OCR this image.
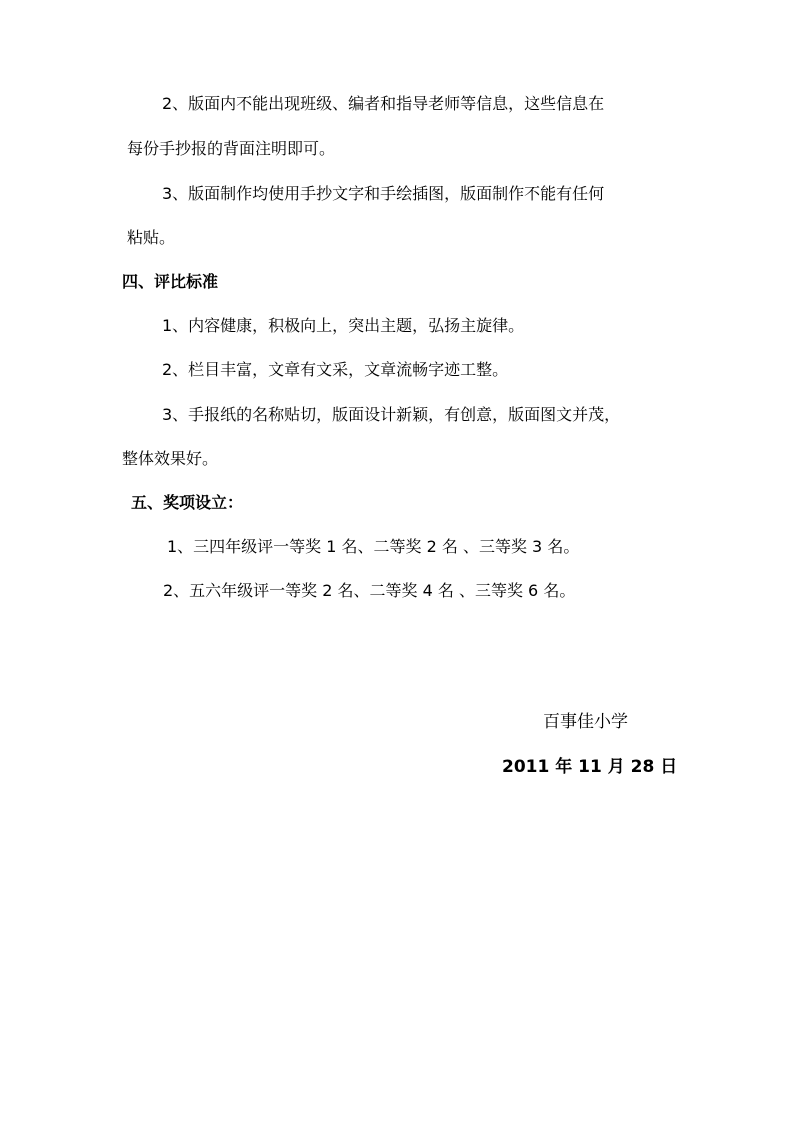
2、版面内不能出现班级、编者和指导老师等信息，这些信息在
每份手抄报的背面注明即可。
3、版面制作均使用手抄文字和手绘插图，版面制作不能有任何
粘贴。
四、评比标准
1、内容健康，积极向上，突出主题，弘扬主旋律。
2、栏目丰富，文章有文采，文章流畅字迹工整。
3、手报纸的名称贴切，版面设计新颖，有创意，版面图文并茂，
整体效果好。
五、奖项设立：
1、三四年级评一等奖 1 名、二等奖 2 名 、三等奖 3 名。
2、五六年级评一等奖 2 名、二等奖 4 名 、三等奖 6 名。
百事佳小学
2011 年 11 月 28 日
